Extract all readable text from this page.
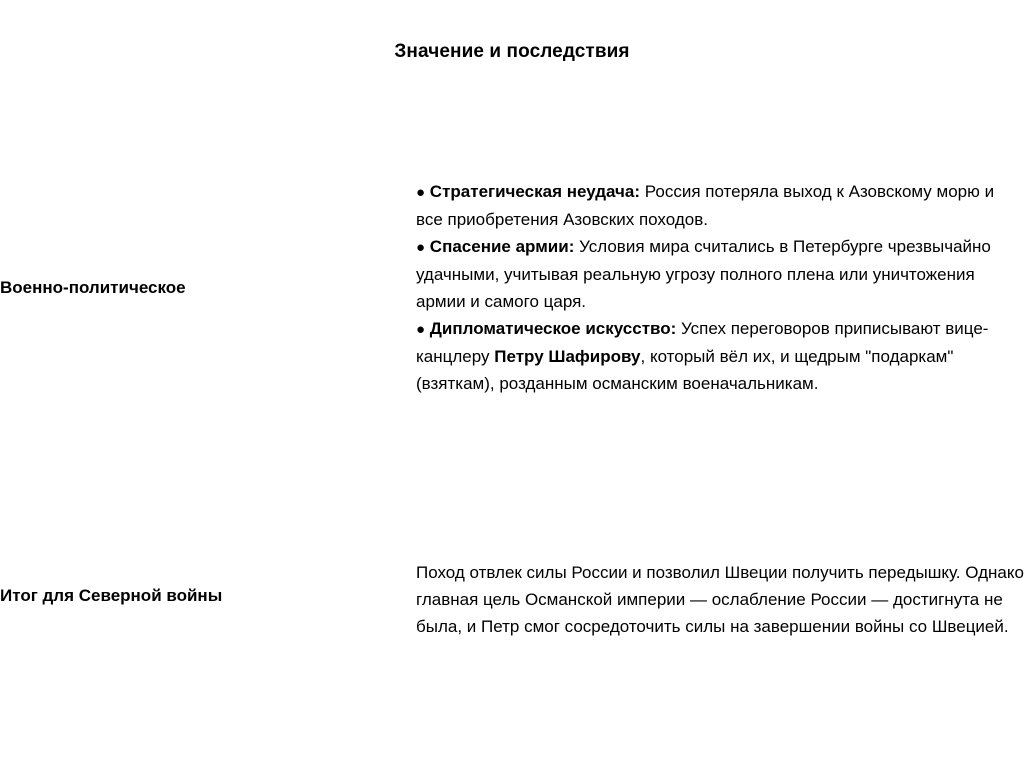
Значение и последствия
Военно-политическое	● Стратегическая неудача: Россия потеряла выход к Азовскому морю и все приобретения Азовских походов.
● Спасение армии: Условия мира считались в Петербурге чрезвычайно удачными, учитывая реальную угрозу полного плена или уничтожения армии и самого царя.
● Дипломатическое искусство: Успех переговоров приписывают вице-канцлеру Петру Шафирову, который вёл их, и щедрым "подаркам" (взяткам), розданным османским военачальникам.

Итог для Северной войны	Поход отвлек силы России и позволил Швеции получить передышку. Однако главная цель Османской империи — ослабление России — достигнута не была, и Петр смог сосредоточить силы на завершении войны со Швецией.
